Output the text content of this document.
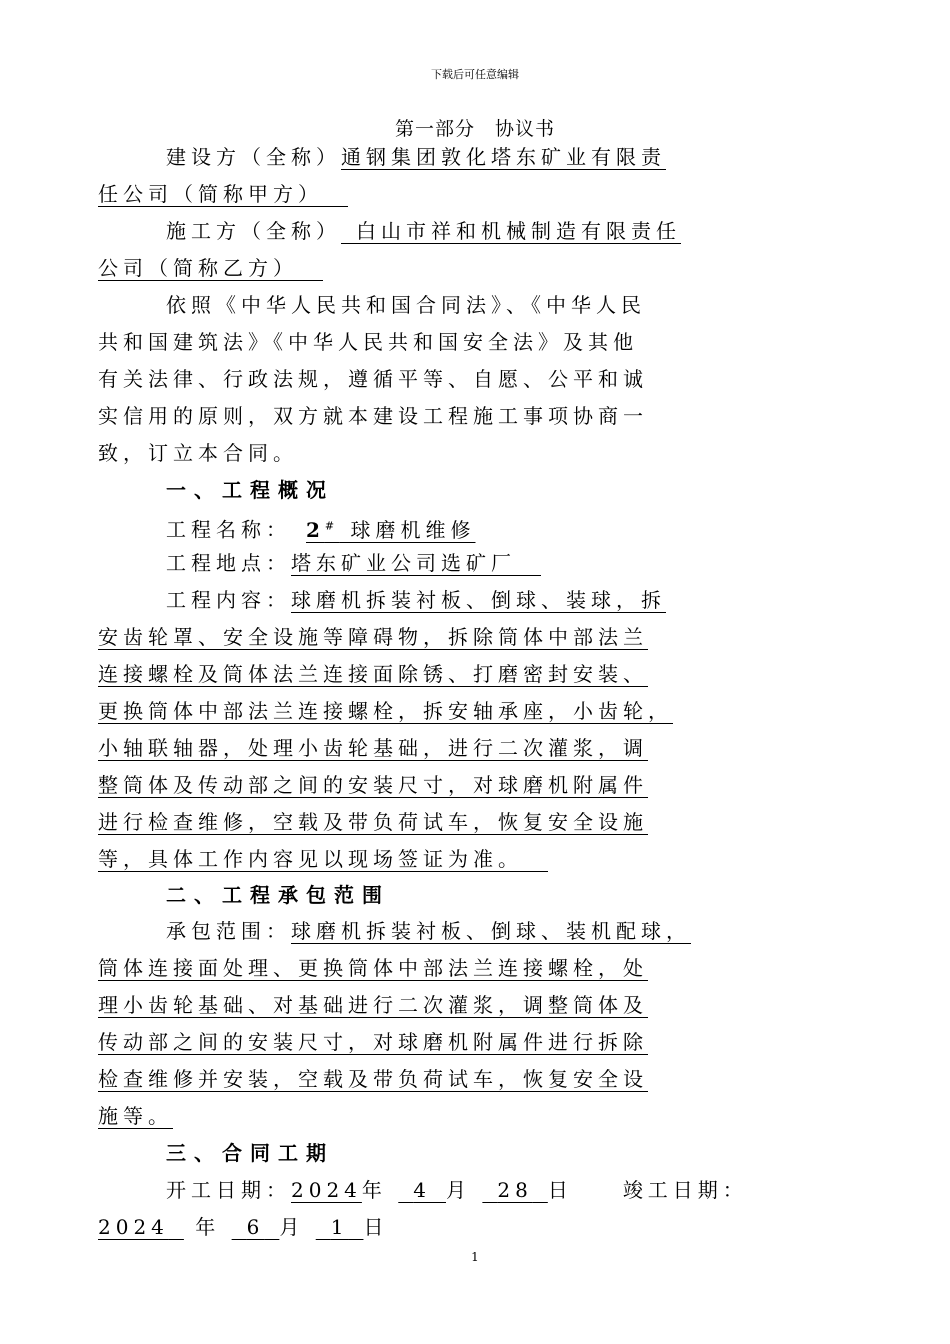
下载后可任意编辑
第一部分　协议书
建设方（全称）通钢集团敦化塔东矿业有限责
任公司（简称甲方） 
施工方（全称）  白山市祥和机械制造有限责任
公司（简称乙方） 
依照《中华人民共和国合同法》、《中华人民
共和国建筑法》《中华人民共和国安全法》及其他
有关法律、行政法规，遵循平等、自愿、公平和诚
实信用的原则，双方就本建设工程施工事项协商一
致，订立本合同。
一、工程概况
工程名称：  2# 球磨机维修
工程地点：塔东矿业公司选矿厂 
工程内容：球磨机拆装衬板、倒球、装球，拆
安齿轮罩、安全设施等障碍物，拆除筒体中部法兰
连接螺栓及筒体法兰连接面除锈、打磨密封安装、
更换筒体中部法兰连接螺栓，拆安轴承座，小齿轮，
小轴联轴器，处理小齿轮基础，进行二次灌浆，调
整筒体及传动部之间的安装尺寸，对球磨机附属件
进行检查维修，空载及带负荷试车，恢复安全设施
等，具体工作内容见以现场签证为准。 
二、工程承包范围
承包范围：球磨机拆装衬板、倒球、装机配球，
筒体连接面处理、更换筒体中部法兰连接螺栓，处
理小齿轮基础、对基础进行二次灌浆，调整筒体及
传动部之间的安装尺寸，对球磨机附属件进行拆除
检查维修并安装，空载及带负荷试车，恢复安全设
施等。
三、合同工期
开工日期：2024年   4  月   28  日  	竣工日期：
2024  年   6  月   1  日
1
